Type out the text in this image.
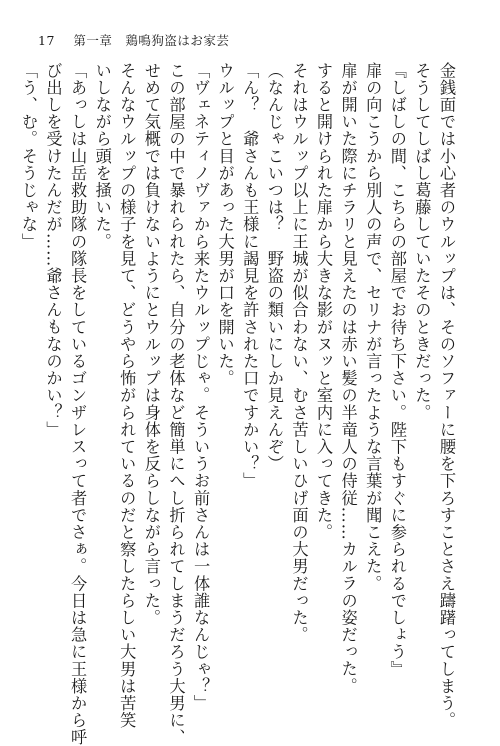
17 第一章　鶏鳴狗盗はお家芸

金銭面では小心者のウルップは、そのソファーに腰を下ろすことさえ躊躇ってしまう。

そうしてしばし葛藤していたそのときだった。

『しばしの間、こちらの部屋でお待ち下さい。陛下もすぐに参られるでしょう』

扉の向こうから別人の声で、セリナが言ったような言葉が聞こえた。

扉が開いた際にチラリと見えたのは赤い髪の半竜人の侍従……カルラの姿だった。

すると開けられた扉から大きな影がヌッと室内に入ってきた。

それはウルップ以上に王城が似合わない、むさ苦しいひげ面の大男だった。

（なんじゃこいつは？　野盗の類いにしか見えんぞ）

「ん？　爺さんも王様に謁見を許された口ですかい？」

ウルップと目があった大男が口を開いた。

「ヴェネティノヴァから来たウルップじゃ。そういうお前さんは一体誰なんじゃ？」

この部屋の中で暴れられたら、自分の老体など簡単にへし折られてしまうだろう大男に、

せめて気概では負けないようにとウルップは身体を反らしながら言った。

そんなウルップの様子を見て、どうやら怖がられているのだと察したらしい大男は苦笑

いしながら頭を掻いた。

「あっしは山岳救助隊の隊長をしているゴンザレスって者でさぁ。今日は急に王様から呼

び出しを受けたんだが……爺さんもなのかい？」

「う、む。そうじゃな」
